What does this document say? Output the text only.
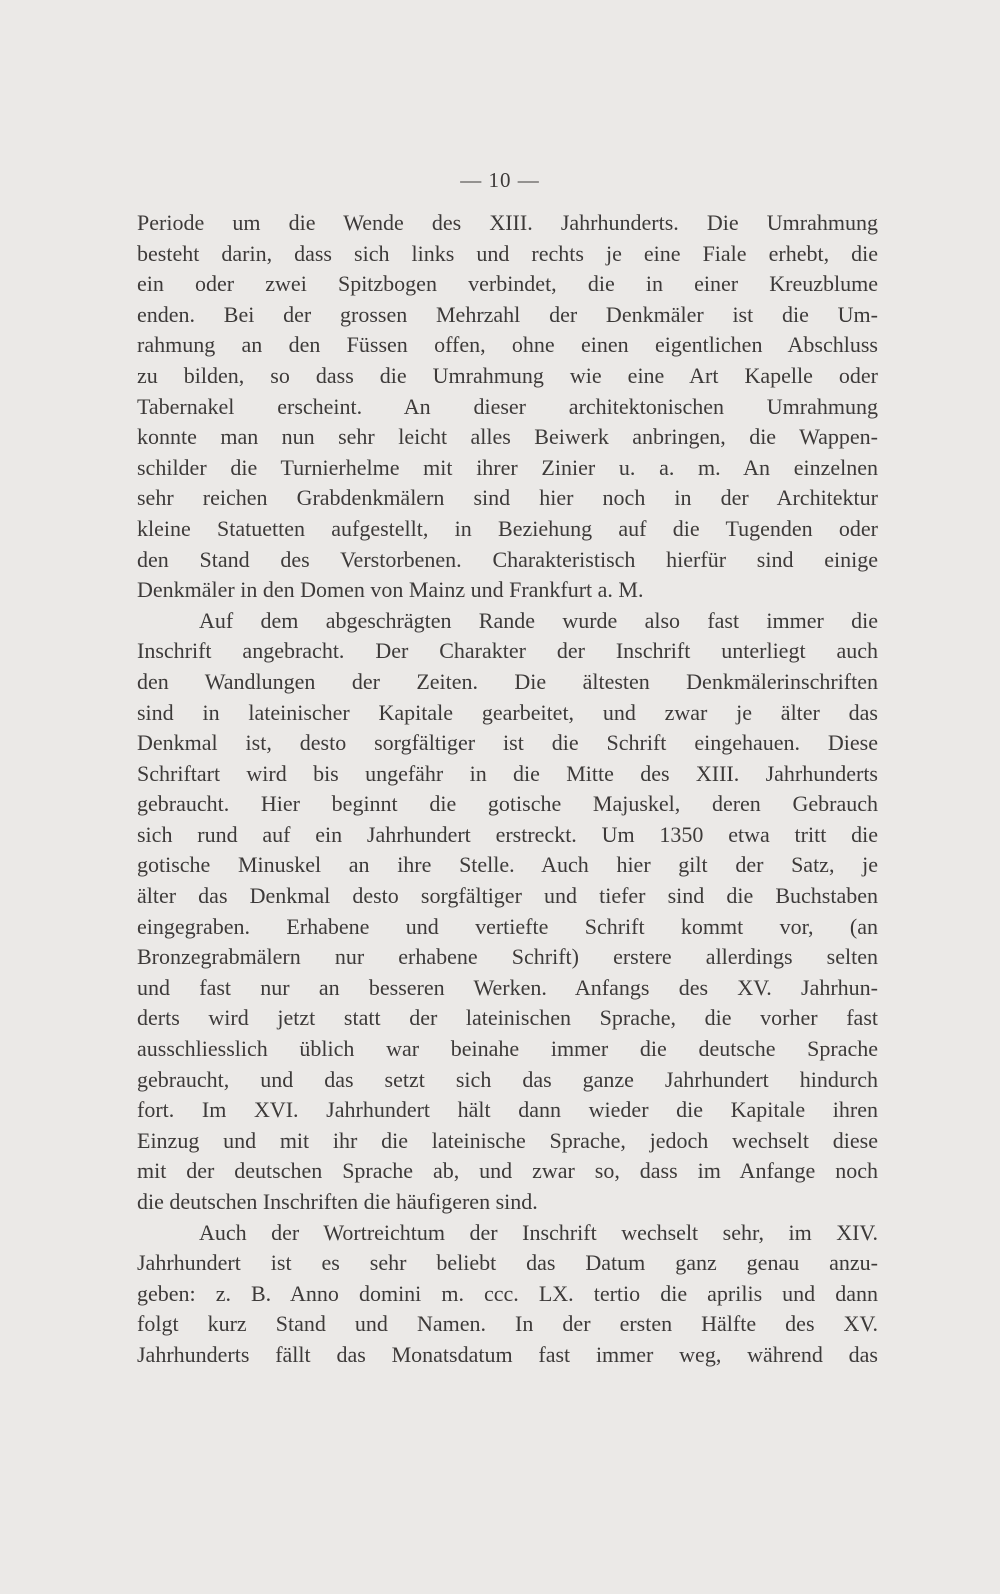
— 10 —
Periode um die Wende des XIII. Jahrhunderts. Die Umrahmung
besteht darin, dass sich links und rechts je eine Fiale erhebt, die
ein oder zwei Spitzbogen verbindet, die in einer Kreuzblume
enden. Bei der grossen Mehrzahl der Denkmäler ist die Um-
rahmung an den Füssen offen, ohne einen eigentlichen Abschluss
zu bilden, so dass die Umrahmung wie eine Art Kapelle oder
Tabernakel erscheint. An dieser architektonischen Umrahmung
konnte man nun sehr leicht alles Beiwerk anbringen, die Wappen-
schilder die Turnierhelme mit ihrer Zinier u. a. m. An einzelnen
sehr reichen Grabdenkmälern sind hier noch in der Architektur
kleine Statuetten aufgestellt, in Beziehung auf die Tugenden oder
den Stand des Verstorbenen. Charakteristisch hierfür sind einige
Denkmäler in den Domen von Mainz und Frankfurt a. M.
Auf dem abgeschrägten Rande wurde also fast immer die
Inschrift angebracht. Der Charakter der Inschrift unterliegt auch
den Wandlungen der Zeiten. Die ältesten Denkmälerinschriften
sind in lateinischer Kapitale gearbeitet, und zwar je älter das
Denkmal ist, desto sorgfältiger ist die Schrift eingehauen. Diese
Schriftart wird bis ungefähr in die Mitte des XIII. Jahrhunderts
gebraucht. Hier beginnt die gotische Majuskel, deren Gebrauch
sich rund auf ein Jahrhundert erstreckt. Um 1350 etwa tritt die
gotische Minuskel an ihre Stelle. Auch hier gilt der Satz, je
älter das Denkmal desto sorgfältiger und tiefer sind die Buchstaben
eingegraben. Erhabene und vertiefte Schrift kommt vor, (an
Bronzegrabmälern nur erhabene Schrift) erstere allerdings selten
und fast nur an besseren Werken. Anfangs des XV. Jahrhun-
derts wird jetzt statt der lateinischen Sprache, die vorher fast
ausschliesslich üblich war beinahe immer die deutsche Sprache
gebraucht, und das setzt sich das ganze Jahrhundert hindurch
fort. Im XVI. Jahrhundert hält dann wieder die Kapitale ihren
Einzug und mit ihr die lateinische Sprache, jedoch wechselt diese
mit der deutschen Sprache ab, und zwar so, dass im Anfange noch
die deutschen Inschriften die häufigeren sind.
Auch der Wortreichtum der Inschrift wechselt sehr, im XIV.
Jahrhundert ist es sehr beliebt das Datum ganz genau anzu-
geben: z. B. Anno domini m. ccc. LX. tertio die aprilis und dann
folgt kurz Stand und Namen. In der ersten Hälfte des XV.
Jahrhunderts fällt das Monatsdatum fast immer weg, während das
